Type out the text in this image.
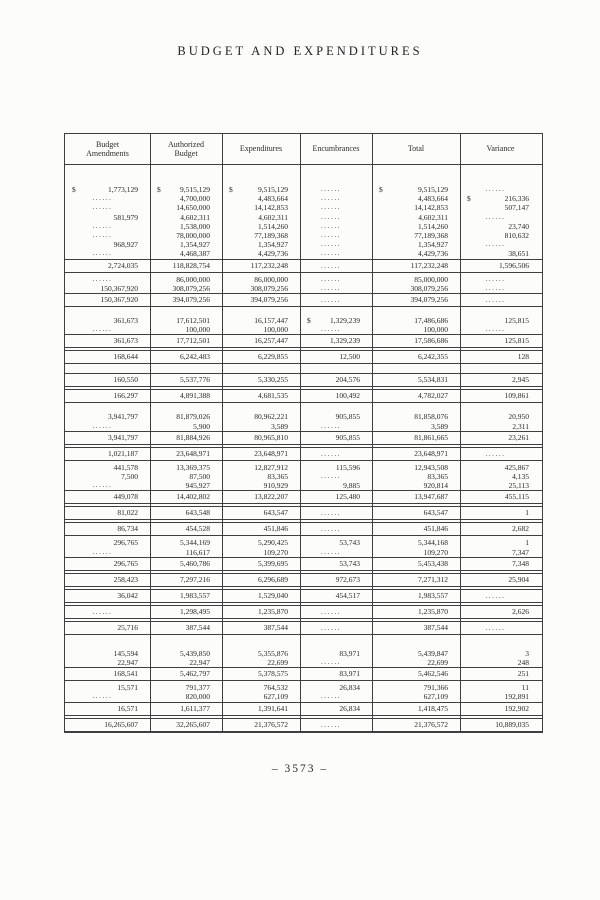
BUDGET AND EXPENDITURES
Budget
Amendments
Authorized
Budget
Expenditures	Encumbrances	Total	Variance
$	1,773,129	$	9,515,129	$	9,515,129	......	$	9,515,129	......
......	4,700,000	4,483,664	......	4,483,664	$	216,336
......	14,650,000	14,142,853	......	14,142,853	507,147
581,979	4,602,311	4,602,311	......	4,602,311	......
......	1,538,000	1,514,260	......	1,514,260	23,740
......	78,000,000	77,189,368	......	77,189,368	810,632
968,927	1,354,927	1,354,927	......	1,354,927	......
......	4,468,387	4,429,736	......	4,429,736	38,651
2,724,035	118,828,754	117,232,248	......	117,232,248	1,596,506
......	86,000,000	86,000,000	......	85,000,000	......
150,367,920	308,079,256	308,079,256	......	308,079,256	......
150,367,920	394,079,256	394,079,256	......	394,079,256	......
361,673	17,612,501	16,157,447	$	1,329,239	17,486,686	125,815
......	100,000	100,000	......	100,000	......
361,673	17,712,501	16,257,447	1,329,239	17,586,686	125,815
168,644	6,242,483	6,229,855	12,500	6,242,355	128
160,550	5,537,776	5,330,255	204,576	5,534,831	2,945
166,297	4,891,388	4,681,535	100,492	4,782,027	109,861
3,941,797	81,879,026	80,962,221	905,855	81,858,076	20,950
......	5,900	3,589	......	3,589	2,311
3,941,797	81,884,926	80,965,810	905,855	81,861,665	23,261
1,021,187	23,648,971	23,648,971	......	23,648,971	......
441,578	13,369,375	12,827,912	115,596	12,943,508	425,867
7,500	87,500	83,365	......	83,365	4,135
......	945,927	910,929	9,885	920,814	25,113
449,078	14,402,802	13,822,207	125,480	13,947,687	455,115
81,022	643,548	643,547	......	643,547	1
86,734	454,528	451,846	......	451,846	2,682
296,765	5,344,169	5,290,425	53,743	5,344,168	1
......	116,617	109,270	......	109,270	7,347
296,765	5,460,786	5,399,695	53,743	5,453,438	7,348
258,423	7,297,216	6,296,689	972,673	7,271,312	25,904
36,042	1,983,557	1,529,040	454,517	1,983,557	......
......	1,298,495	1,235,870	......	1,235,870	2,626
25,716	387,544	387,544	......	387,544	......
145,594	5,439,850	5,355,876	83,971	5,439,847	3
22,947	22,947	22,699	......	22,699	248
168,541	5,462,797	5,378,575	83,971	5,462,546	251
15,571	791,377	764,532	26,834	791,366	11
......	820,000	627,109	......	627,109	192,891
16,571	1,611,377	1,391,641	26,834	1,418,475	192,902
16,265,607	32,265,607	21,376,572	......	21,376,572	10,889,035
– 3573 –
